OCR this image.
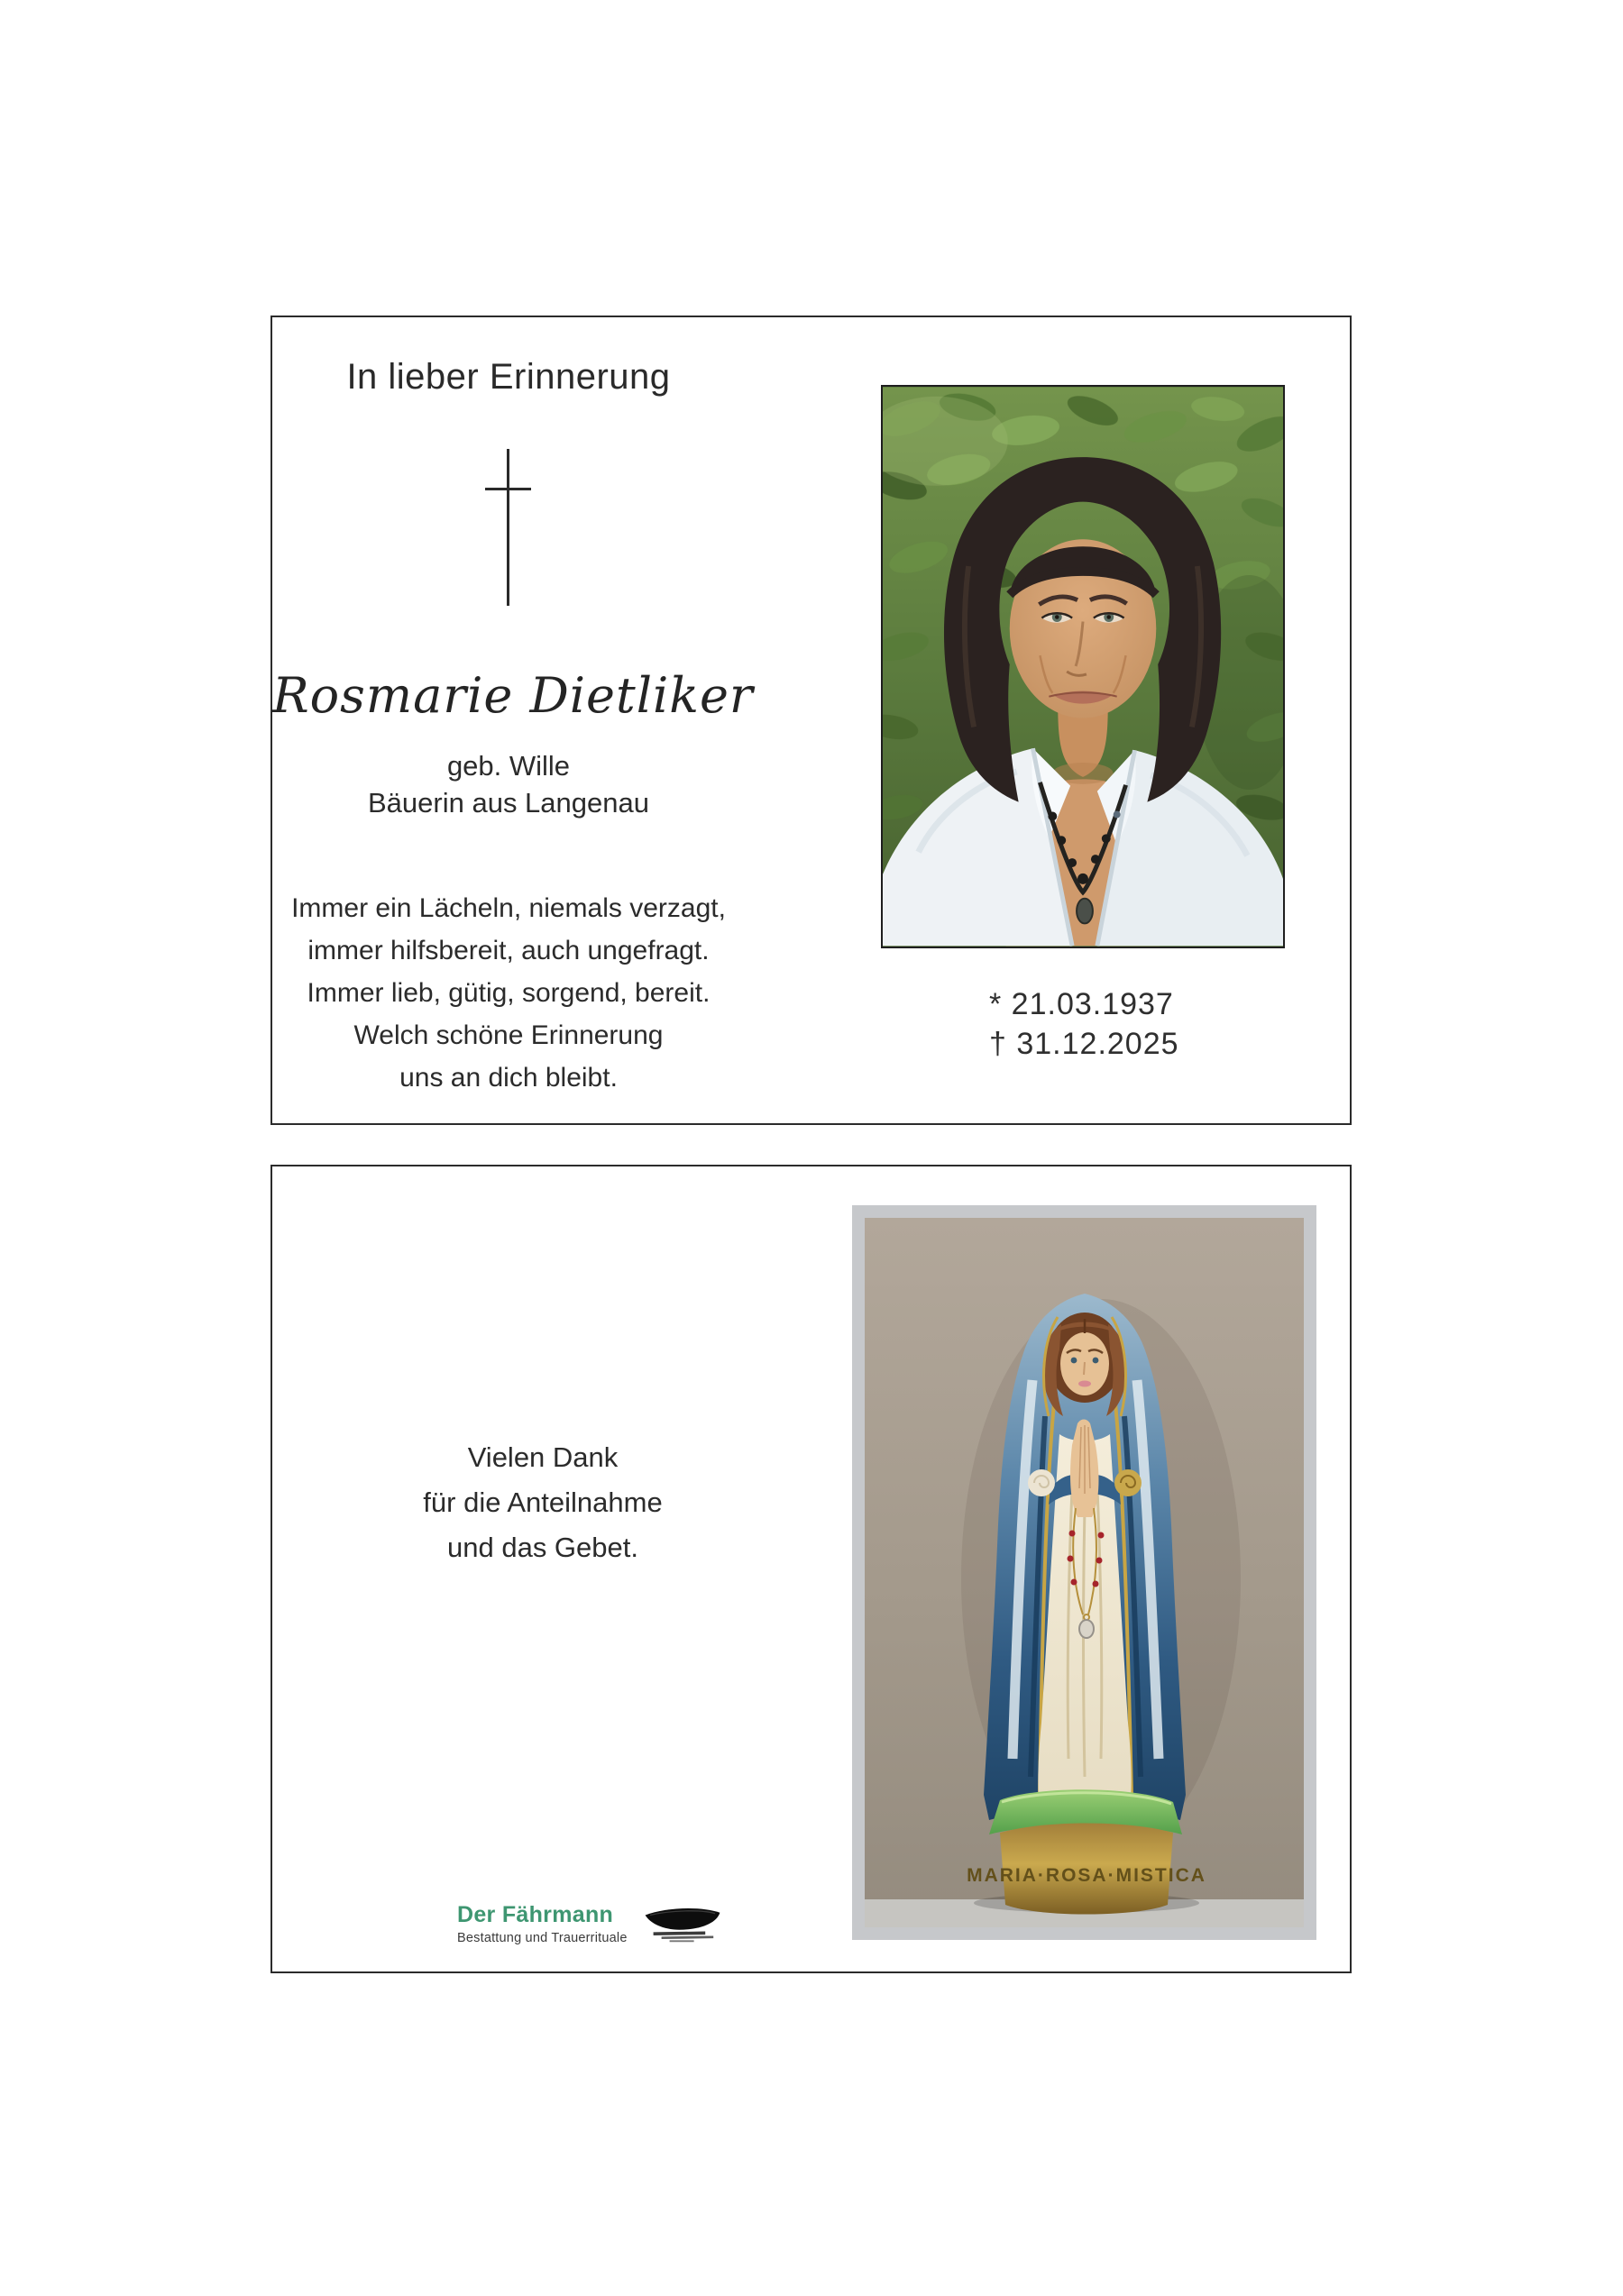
In lieber Erinnerung
Rosmarie Dietliker
geb. Wille
Bäuerin aus Langenau
Immer ein Lächeln, niemals verzagt,
immer hilfsbereit, auch ungefragt.
Immer lieb, gütig, sorgend, bereit.
Welch schöne Erinnerung
uns an dich bleibt.
* 21.03.1937
† 31.12.2025
Vielen Dank
für die Anteilnahme
und das Gebet.
MARIA·ROSA·MISTICA
Der Fährmann
Bestattung und Trauerrituale
